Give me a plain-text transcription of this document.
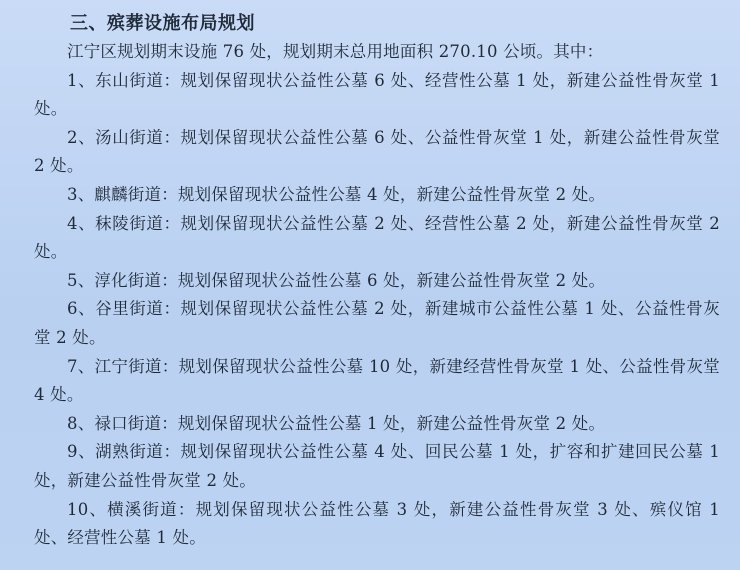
三、殡葬设施布局规划

江宁区规划期末设施 76 处，规划期末总用地面积 270.10 公顷。其中：

1、东山街道：规划保留现状公益性公墓 6 处、经营性公墓 1 处，新建公益性骨灰堂 1 处。

2、汤山街道：规划保留现状公益性公墓 6 处、公益性骨灰堂 1 处，新建公益性骨灰堂 2 处。

3、麒麟街道：规划保留现状公益性公墓 4 处，新建公益性骨灰堂 2 处。

4、秣陵街道：规划保留现状公益性公墓 2 处、经营性公墓 2 处，新建公益性骨灰堂 2 处。

5、淳化街道：规划保留现状公益性公墓 6 处，新建公益性骨灰堂 2 处。

6、谷里街道：规划保留现状公益性公墓 2 处，新建城市公益性公墓 1 处、公益性骨灰堂 2 处。

7、江宁街道：规划保留现状公益性公墓 10 处，新建经营性骨灰堂 1 处、公益性骨灰堂 4 处。

8、禄口街道：规划保留现状公益性公墓 1 处，新建公益性骨灰堂 2 处。

9、湖熟街道：规划保留现状公益性公墓 4 处、回民公墓 1 处，扩容和扩建回民公墓 1 处，新建公益性骨灰堂 2 处。

10、横溪街道：规划保留现状公益性公墓 3 处，新建公益性骨灰堂 3 处、殡仪馆 1 处、经营性公墓 1 处。
